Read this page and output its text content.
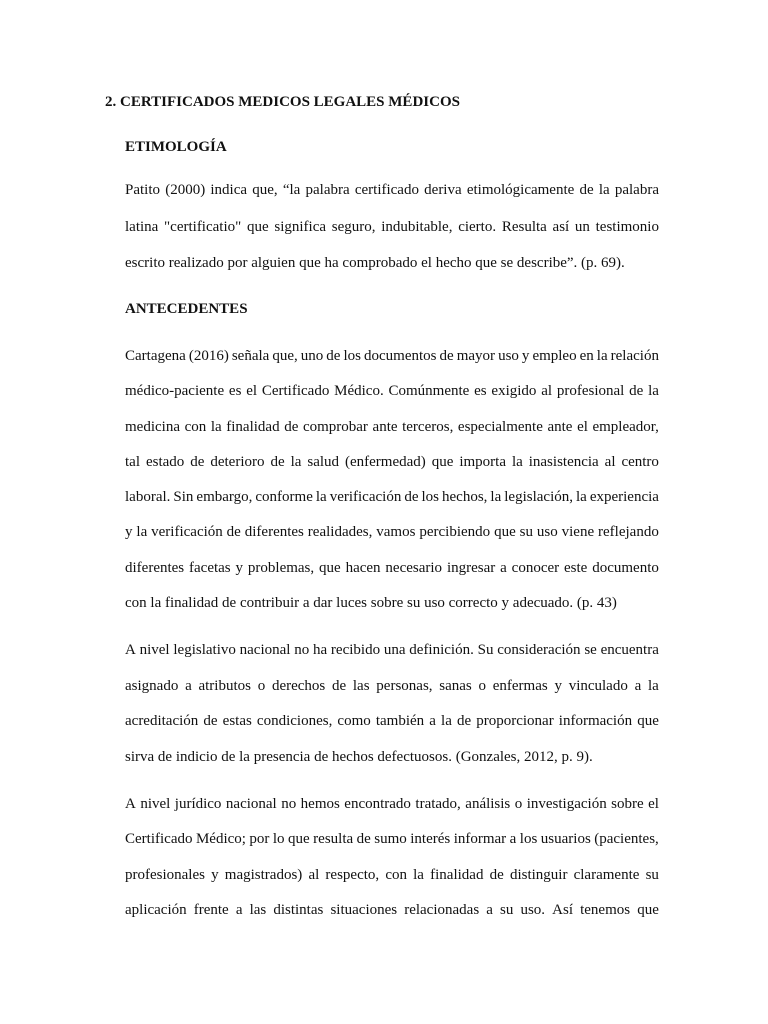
2. CERTIFICADOS MEDICOS LEGALES MÉDICOS
ETIMOLOGÍA
Patito (2000) indica que, “la palabra certificado deriva etimológicamente de la palabra
latina "certificatio" que significa seguro, indubitable, cierto. Resulta así un testimonio
escrito realizado por alguien que ha comprobado el hecho que se describe”. (p. 69).
ANTECEDENTES
Cartagena (2016) señala que, uno de los documentos de mayor uso y empleo en la relación
médico-paciente es el Certificado Médico. Comúnmente es exigido al profesional de la
medicina con la finalidad de comprobar ante terceros, especialmente ante el empleador,
tal estado de deterioro de la salud (enfermedad) que importa la inasistencia al centro
laboral. Sin embargo, conforme la verificación de los hechos, la legislación, la experiencia
y la verificación de diferentes realidades, vamos percibiendo que su uso viene reflejando
diferentes facetas y problemas, que hacen necesario ingresar a conocer este documento
con la finalidad de contribuir a dar luces sobre su uso correcto y adecuado. (p. 43)
A nivel legislativo nacional no ha recibido una definición. Su consideración se encuentra
asignado a atributos o derechos de las personas, sanas o enfermas y vinculado a la
acreditación de estas condiciones, como también a la de proporcionar información que
sirva de indicio de la presencia de hechos defectuosos. (Gonzales, 2012, p. 9).
A nivel jurídico nacional no hemos encontrado tratado, análisis o investigación sobre el
Certificado Médico; por lo que resulta de sumo interés informar a los usuarios (pacientes,
profesionales y magistrados) al respecto, con la finalidad de distinguir claramente su
aplicación frente a las distintas situaciones relacionadas a su uso. Así tenemos que
